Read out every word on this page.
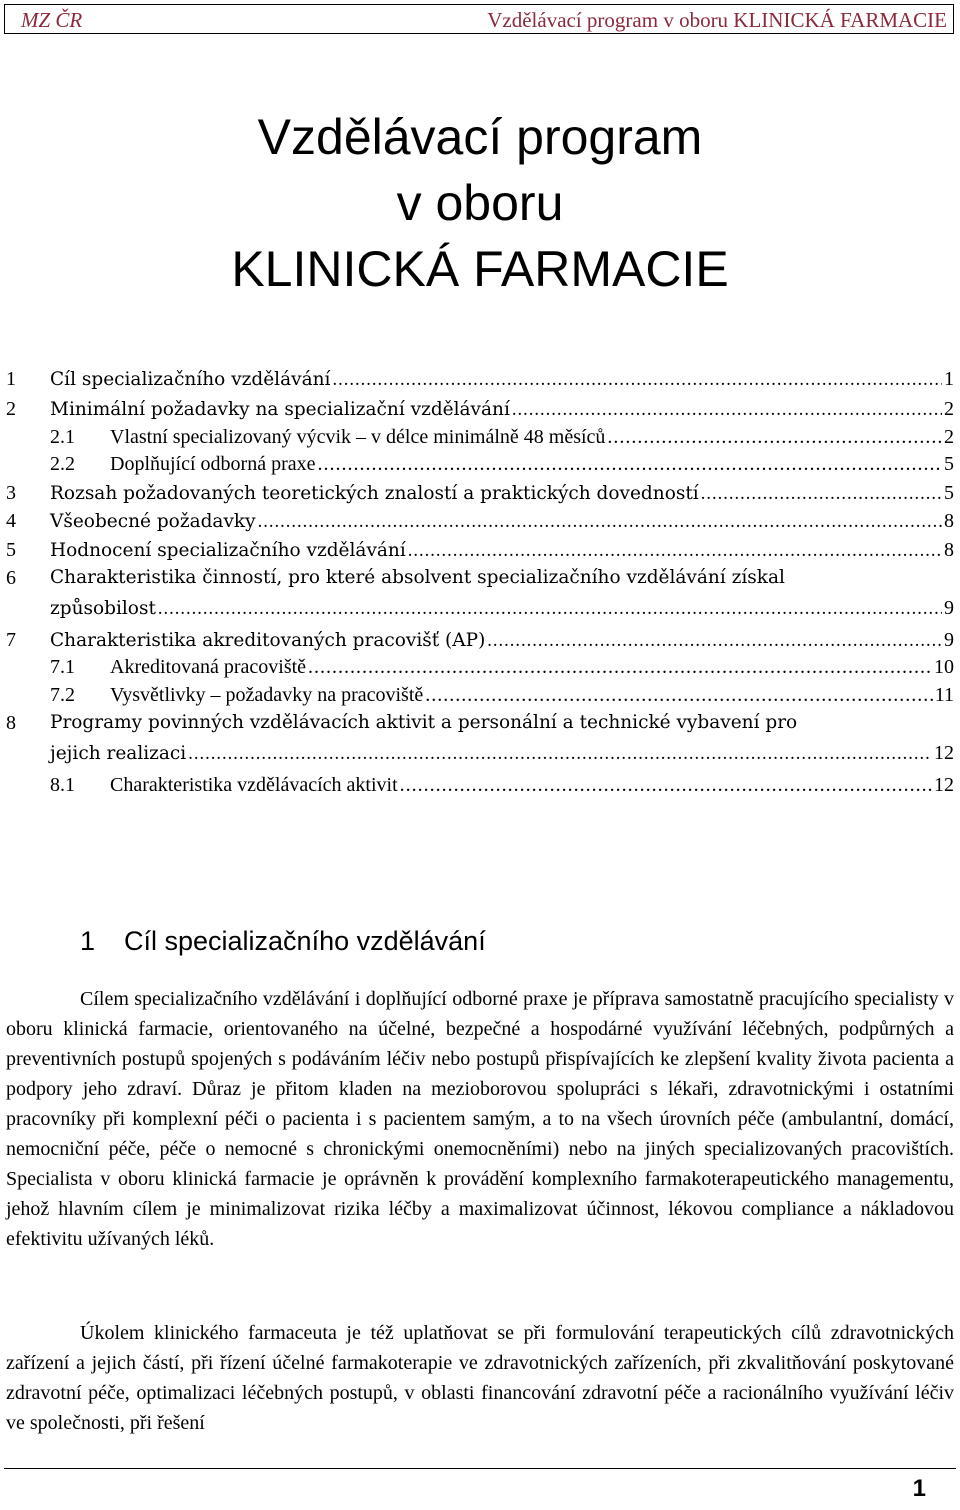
MZ ČR	Vzdělávací program v oboru KLINICKÁ FARMACIE
Vzdělávací program
v oboru
KLINICKÁ FARMACIE
1 Cíl specializačního vzdělávání .....	1
2 Minimální požadavky na specializační vzdělávání .....	2
2.1 Vlastní specializovaný výcvik – v délce minimálně 48 měsíců .....	2
2.2 Doplňující odborná praxe .....	5
3 Rozsah požadovaných teoretických znalostí a praktických dovedností .....	5
4 Všeobecné požadavky .....	8
5 Hodnocení specializačního vzdělávání .....	8
6 Charakteristika činností, pro které absolvent specializačního vzdělávání získal
způsobilost .....	9
7 Charakteristika akreditovaných pracovišť (AP) .....	9
7.1 Akreditovaná pracoviště .....	10
7.2 Vysvětlivky – požadavky na pracoviště .....	11
8 Programy povinných vzdělávacích aktivit a personální a technické vybavení pro
jejich realizaci .....	12
8.1 Charakteristika vzdělávacích aktivit .....	12
1 Cíl specializačního vzdělávání
Cílem specializačního vzdělávání i doplňující odborné praxe je příprava samostatně pracujícího specialisty v oboru klinická farmacie, orientovaného na účelné, bezpečné a hospodárné využívání léčebných, podpůrných a preventivních postupů spojených s podáváním léčiv nebo postupů přispívajících ke zlepšení kvality života pacienta a podpory jeho zdraví. Důraz je přitom kladen na mezioborovou spolupráci s lékaři, zdravotnickými i ostatními pracovníky při komplexní péči o pacienta i s pacientem samým, a to na všech úrovních péče (ambulantní, domácí, nemocniční péče, péče o nemocné s chronickými onemocněními) nebo na jiných specializovaných pracovištích. Specialista v oboru klinická farmacie je oprávněn k provádění komplexního farmakoterapeutického managementu, jehož hlavním cílem je minimalizovat rizika léčby a maximalizovat účinnost, lékovou compliance a nákladovou efektivitu užívaných léků.
Úkolem klinického farmaceuta je též uplatňovat se při formulování terapeutických cílů zdravotnických zařízení a jejich částí, při řízení účelné farmakoterapie ve zdravotnických zařízeních, při zkvalitňování poskytované zdravotní péče, optimalizaci léčebných postupů, v oblasti financování zdravotní péče a racionálního využívání léčiv ve společnosti, při řešení
1
